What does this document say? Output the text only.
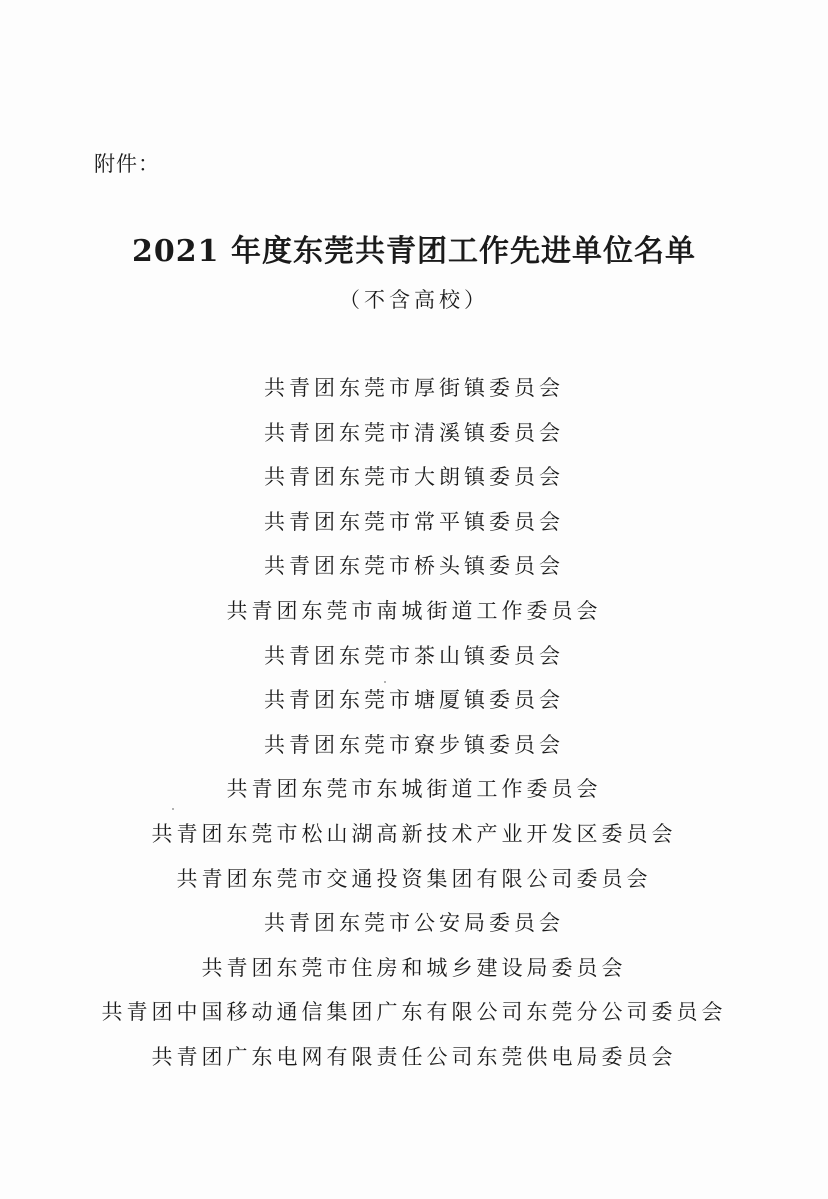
附件：
2021 年度东莞共青团工作先进单位名单
（不含高校）
共青团东莞市厚街镇委员会
共青团东莞市清溪镇委员会
共青团东莞市大朗镇委员会
共青团东莞市常平镇委员会
共青团东莞市桥头镇委员会
共青团东莞市南城街道工作委员会
共青团东莞市茶山镇委员会
共青团东莞市塘厦镇委员会
共青团东莞市寮步镇委员会
共青团东莞市东城街道工作委员会
共青团东莞市松山湖高新技术产业开发区委员会
共青团东莞市交通投资集团有限公司委员会
共青团东莞市公安局委员会
共青团东莞市住房和城乡建设局委员会
共青团中国移动通信集团广东有限公司东莞分公司委员会
共青团广东电网有限责任公司东莞供电局委员会
